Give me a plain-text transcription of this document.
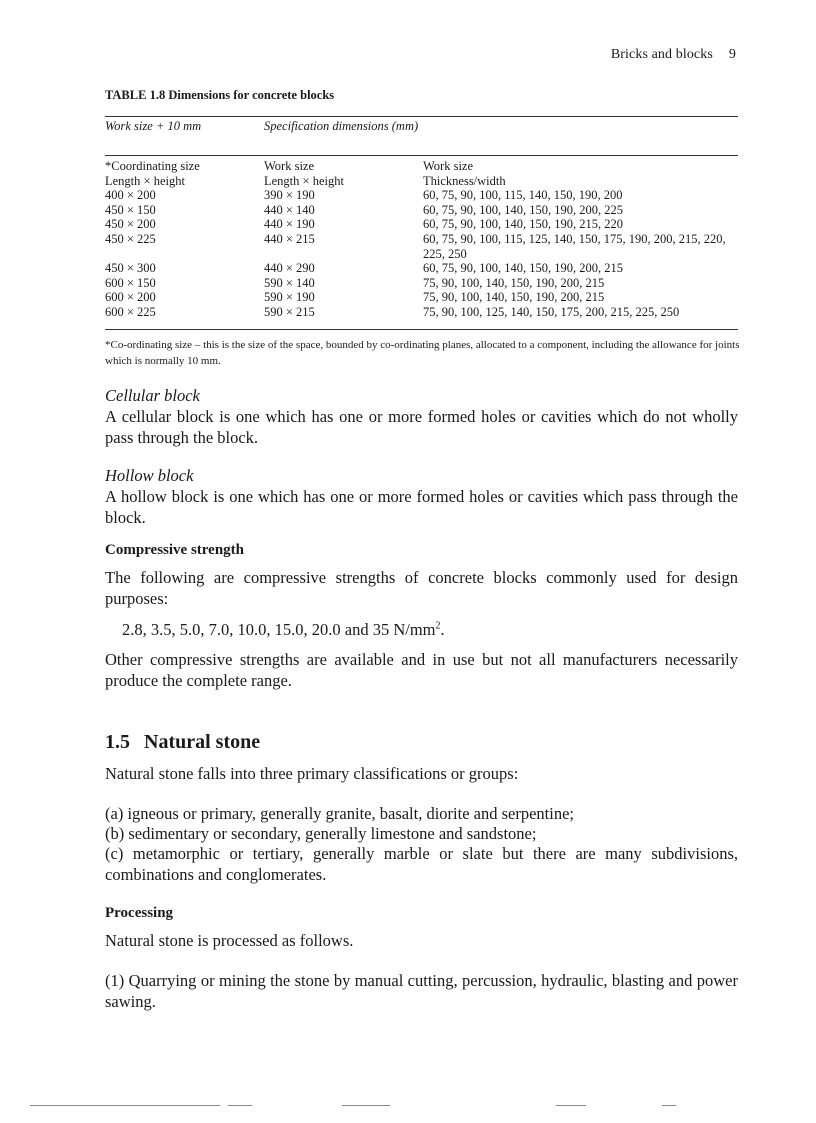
Bricks and blocks 9
TABLE 1.8 Dimensions for concrete blocks
Work size + 10 mm	Specification dimensions (mm)
*Coordinating size	Work size	Work size
Length × height	Length × height	Thickness/width
400 × 200	390 × 190	60, 75, 90, 100, 115, 140, 150, 190, 200
450 × 150	440 × 140	60, 75, 90, 100, 140, 150, 190, 200, 225
450 × 200	440 × 190	60, 75, 90, 100, 140, 150, 190, 215, 220
450 × 225	440 × 215	60, 75, 90, 100, 115, 125, 140, 150, 175, 190, 200, 215, 220, 225, 250
450 × 300	440 × 290	60, 75, 90, 100, 140, 150, 190, 200, 215
600 × 150	590 × 140	75, 90, 100, 140, 150, 190, 200, 215
600 × 200	590 × 190	75, 90, 100, 140, 150, 190, 200, 215
600 × 225	590 × 215	75, 90, 100, 125, 140, 150, 175, 200, 215, 225, 250
*Co-ordinating size – this is the size of the space, bounded by co-ordinating planes, allocated to a component, including the allowance for joints which is normally 10 mm.
Cellular block
A cellular block is one which has one or more formed holes or cavities which do not wholly pass through the block.
Hollow block
A hollow block is one which has one or more formed holes or cavities which pass through the block.
Compressive strength
The following are compressive strengths of concrete blocks commonly used for design purposes:
2.8, 3.5, 5.0, 7.0, 10.0, 15.0, 20.0 and 35 $N/mm^2$.
Other compressive strengths are available and in use but not all manufacturers necessarily produce the complete range.
1.5 Natural stone
Natural stone falls into three primary classifications or groups:
(a) igneous or primary, generally granite, basalt, diorite and serpentine;
(b) sedimentary or secondary, generally limestone and sandstone;
(c) metamorphic or tertiary, generally marble or slate but there are many subdivisions, combinations and conglomerates.
Processing
Natural stone is processed as follows.
(1) Quarrying or mining the stone by manual cutting, percussion, hydraulic, blasting and power sawing.
